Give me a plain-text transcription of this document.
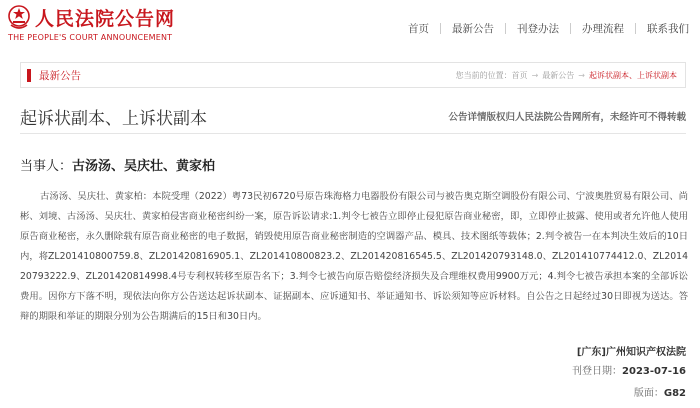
人民法院公告网
THE PEOPLE'S COURT ANNOUNCEMENT
首页	最新公告	刊登办法	办理流程	联系我们
最新公告	您当前的位置： 首页 → 最新公告 → 起诉状副本、上诉状副本
起诉状副本、上诉状副本	公告详情版权归人民法院公告网所有，未经许可不得转载
当事人：古汤汤、吴庆壮、黄家柏
古汤汤、吴庆壮、黄家柏：本院受理（2022）粤73民初6720号原告珠海格力电器股份有限公司与被告奥克斯空调股份有限公司、宁波奥胜贸易有限公司、尚彬、刘境、古汤汤、吴庆壮、黄家柏侵害商业秘密纠纷一案，原告诉讼请求:1.判令七被告立即停止侵犯原告商业秘密，即，立即停止披露、使用或者允许他人使用原告商业秘密，永久删除载有原告商业秘密的电子数据，销毁使用原告商业秘密制造的空调器产品、模具、技术图纸等载体；2.判令被告一在本判决生效后的10日内，将ZL201410800759.8、ZL201420816905.1、ZL201410800823.2、ZL201420816545.5、ZL201420793148.0、ZL201410774412.0、ZL201420793222.9、ZL201420814998.4号专利权转移至原告名下；3.判令七被告向原告赔偿经济损失及合理维权费用9900万元；4.判令七被告承担本案的全部诉讼费用。因你方下落不明，现依法向你方公告送达起诉状副本、证据副本、应诉通知书、举证通知书、诉讼须知等应诉材料。自公告之日起经过30日即视为送达。答辩的期限和举证的期限分别为公告期满后的15日和30日内。
[广东]广州知识产权法院
刊登日期：2023-07-16
版面：G82
